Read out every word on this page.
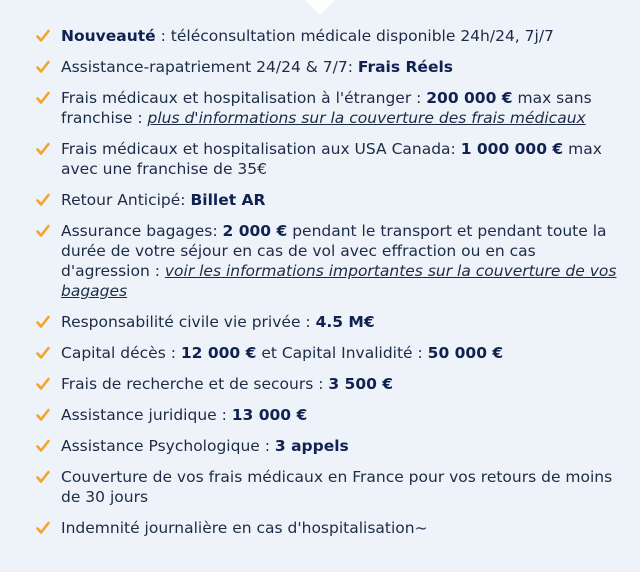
Nouveauté : téléconsultation médicale disponible 24h/24, 7j/7
Assistance-rapatriement 24/24 & 7/7: Frais Réels
Frais médicaux et hospitalisation à l'étranger : 200 000 € max sans franchise : plus d'informations sur la couverture des frais médicaux
Frais médicaux et hospitalisation aux USA Canada: 1 000 000 € max avec une franchise de 35€
Retour Anticipé: Billet AR
Assurance bagages: 2 000 € pendant le transport et pendant toute la durée de votre séjour en cas de vol avec effraction ou en cas d'agression : voir les informations importantes sur la couverture de vos bagages
Responsabilité civile vie privée : 4.5 M€
Capital décès : 12 000 € et Capital Invalidité : 50 000 €
Frais de recherche et de secours : 3 500 €
Assistance juridique : 13 000 €
Assistance Psychologique : 3 appels
Couverture de vos frais médicaux en France pour vos retours de moins de 30 jours
Indemnité journalière en cas d'hospitalisation~
